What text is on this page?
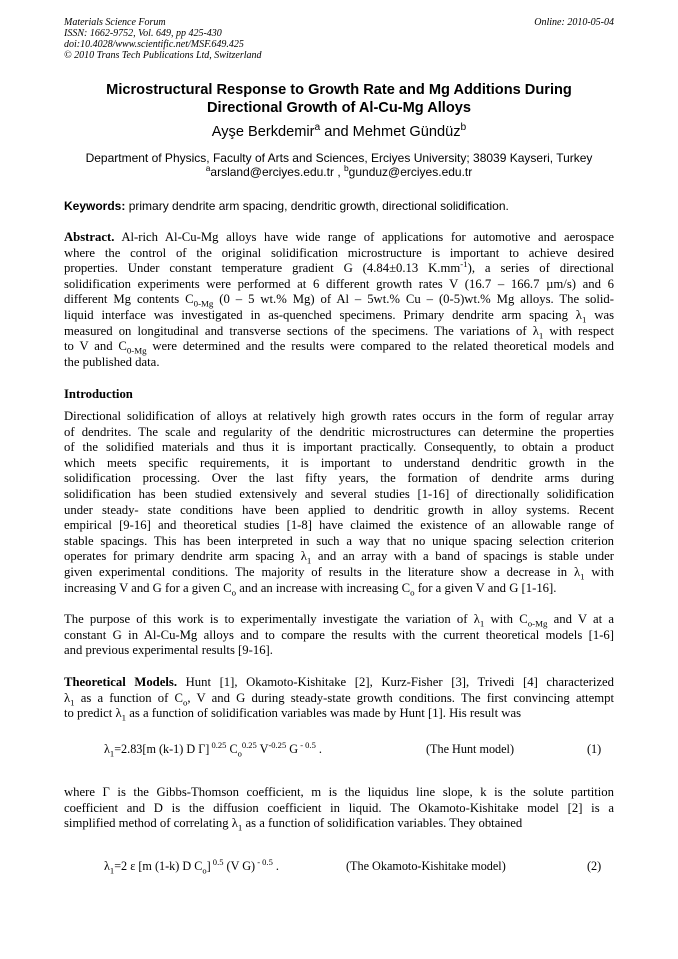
Materials Science Forum
ISSN: 1662-9752, Vol. 649, pp 425-430
doi:10.4028/www.scientific.net/MSF.649.425
© 2010 Trans Tech Publications Ltd, Switzerland
Online: 2010-05-04
Microstructural Response to Growth Rate and Mg Additions During
Directional Growth of Al-Cu-Mg Alloys
Ayşe Berkdemir$^a$ and Mehmet Gündüz$^b$
Department of Physics, Faculty of Arts and Sciences, Erciyes University; 38039 Kayseri, Turkey
$^a$arsland@erciyes.edu.tr , $^b$gunduz@erciyes.edu.tr
Keywords: primary dendrite arm spacing, dendritic growth, directional solidification.
Abstract. Al-rich Al-Cu-Mg alloys have wide range of applications for automotive and aerospace
where the control of the original solidification microstructure is important to achieve desired
properties. Under constant temperature gradient G (4.84±0.13 $K.mm^{-1}$), a series of directional
solidification experiments were performed at 6 different growth rates V (16.7 – 166.7 µm/s) and 6
different Mg contents $C_{0-Mg}$ (0 – 5 wt.% Mg) of Al – 5wt.% Cu – (0-5)wt.% Mg alloys. The solid-
liquid interface was investigated in as-quenched specimens. Primary dendrite arm spacing $\lambda_1$ was
measured on longitudinal and transverse sections of the specimens. The variations of $\lambda_1$ with respect
to V and $C_{0-Mg}$ were determined and the results were compared to the related theoretical models and
the published data.
Introduction
Directional solidification of alloys at relatively high growth rates occurs in the form of regular array
of dendrites. The scale and regularity of the dendritic microstructures can determine the properties
of the solidified materials and thus it is important practically. Consequently, to obtain a product
which meets specific requirements, it is important to understand dendritic growth in the
solidification processing. Over the last fifty years, the formation of dendrite arms during
solidification has been studied extensively and several studies [1-16] of directionally solidification
under steady- state conditions have been applied to dendritic growth in alloy systems. Recent
empirical [9-16] and theoretical studies [1-8] have claimed the existence of an allowable range of
stable spacings. This has been interpreted in such a way that no unique spacing selection criterion
operates for primary dendrite arm spacing $\lambda_1$ and an array with a band of spacings is stable under
given experimental conditions. The majority of results in the literature show a decrease in $\lambda_1$ with
increasing V and G for a given $C_o$ and an increase with increasing $C_o$ for a given V and G [1-16].
The purpose of this work is to experimentally investigate the variation of $\lambda_1$ with $C_{o-Mg}$ and V at a
constant G in Al-Cu-Mg alloys and to compare the results with the current theoretical models [1-6]
and previous experimental results [9-16].
Theoretical Models. Hunt [1], Okamoto-Kishitake [2], Kurz-Fisher [3], Trivedi [4] characterized
$\lambda_1$ as a function of $C_o$, V and G during steady-state growth conditions. The first convincing attempt
to predict $\lambda_1$ as a function of solidification variables was made by Hunt [1]. His result was
$\lambda_1=2.83[m$ (k-1) D Γ] $^{0.25}$ $C_o^{0.25}$ $V^{-0.25}$ G $^{- 0.5}$ .	(The Hunt model)	(1)
where Γ is the Gibbs-Thomson coefficient, m is the liquidus line slope, k is the solute partition
coefficient and D is the diffusion coefficient in liquid. The Okamoto-Kishitake model [2] is a
simplified method of correlating $\lambda_1$ as a function of solidification variables. They obtained
$\lambda_1=2$ ε [m (1-k) D $C_o$] $^{0.5}$ (V G) $^{- 0.5}$ .	(The Okamoto-Kishitake model)	(2)
